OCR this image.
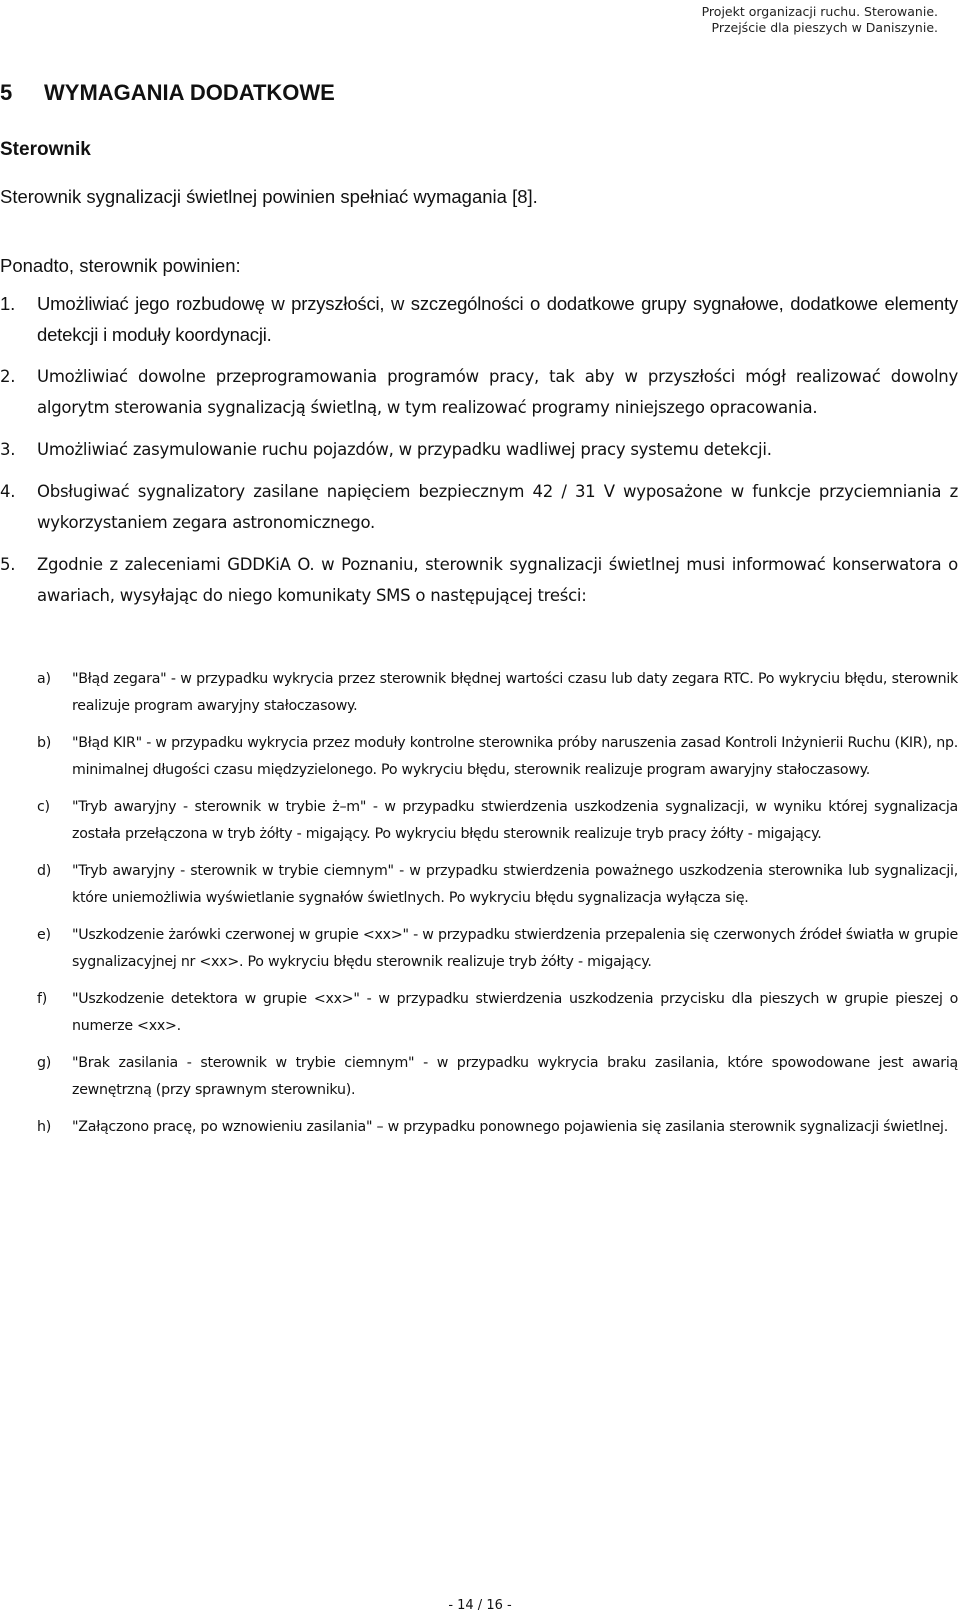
Projekt organizacji ruchu. Sterowanie.
Przejście dla pieszych w Daniszynie.
5 WYMAGANIA DODATKOWE
Sterownik

Sterownik sygnalizacji świetlnej powinien spełniać wymagania [8].

Ponadto, sterownik powinien:

1. Umożliwiać jego rozbudowę w przyszłości, w szczególności o dodatkowe grupy sygnałowe, dodatkowe elementy detekcji i moduły koordynacji.
2. Umożliwiać dowolne przeprogramowania programów pracy, tak aby w przyszłości mógł realizować dowolny algorytm sterowania sygnalizacją świetlną, w tym realizować programy niniejszego opracowania.
3. Umożliwiać zasymulowanie ruchu pojazdów, w przypadku wadliwej pracy systemu detekcji.
4. Obsługiwać sygnalizatory zasilane napięciem bezpiecznym 42 / 31 V wyposażone w funkcje przyciemniania z wykorzystaniem zegara astronomicznego.
5. Zgodnie z zaleceniami GDDKiA O. w Poznaniu, sterownik sygnalizacji świetlnej musi informować konserwatora o awariach, wysyłając do niego komunikaty SMS o następującej treści:
a) "Błąd zegara" - w przypadku wykrycia przez sterownik błędnej wartości czasu lub daty zegara RTC. Po wykryciu błędu, sterownik realizuje program awaryjny stałoczasowy.
b) "Błąd KIR" - w przypadku wykrycia przez moduły kontrolne sterownika próby naruszenia zasad Kontroli Inżynierii Ruchu (KIR), np. minimalnej długości czasu międzyzielonego. Po wykryciu błędu, sterownik realizuje program awaryjny stałoczasowy.
c) "Tryb awaryjny - sterownik w trybie ż–m" - w przypadku stwierdzenia uszkodzenia sygnalizacji, w wyniku której sygnalizacja została przełączona w tryb żółty - migający. Po wykryciu błędu sterownik realizuje tryb pracy żółty - migający.
d) "Tryb awaryjny - sterownik w trybie ciemnym" - w przypadku stwierdzenia poważnego uszkodzenia sterownika lub sygnalizacji, które uniemożliwia wyświetlanie sygnałów świetlnych. Po wykryciu błędu sygnalizacja wyłącza się.
e) "Uszkodzenie żarówki czerwonej w grupie <xx>" - w przypadku stwierdzenia przepalenia się czerwonych źródeł światła w grupie sygnalizacyjnej nr <xx>. Po wykryciu błędu sterownik realizuje tryb żółty - migający.
f) "Uszkodzenie detektora w grupie <xx>" - w przypadku stwierdzenia uszkodzenia przycisku dla pieszych w grupie pieszej o numerze <xx>.
g) "Brak zasilania - sterownik w trybie ciemnym" - w przypadku wykrycia braku zasilania, które spowodowane jest awarią zewnętrzną (przy sprawnym sterowniku).
h) "Załączono pracę, po wznowieniu zasilania" – w przypadku ponownego pojawienia się zasilania sterownik sygnalizacji świetlnej.
- 14 / 16 -
